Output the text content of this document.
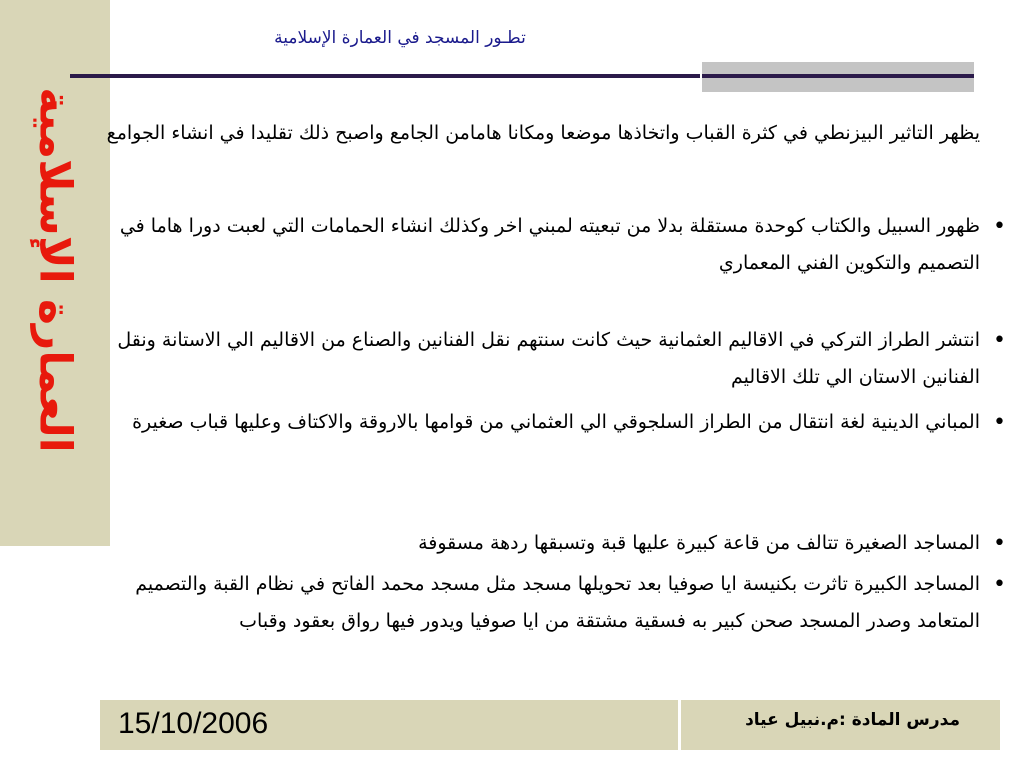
العمارة الإسلامية
تطـور المسجد في العمارة الإسلامية
• يظهر التاثير البيزنطي في كثرة القباب واتخاذها موضعا ومكانا هامامن الجامع واصبح ذلك تقليدا في انشاء الجوامع
• ظهور السبيل والكتاب كوحدة مستقلة بدلا من تبعيته لمبني اخر وكذلك انشاء الحمامات التي لعبت دورا هاما في التصميم والتكوين الفني المعماري
• انتشر الطراز التركي في الاقاليم العثمانية حيث كانت سنتهم نقل الفنانين والصناع من الاقاليم الي الاستانة ونقل الفنانين الاستان الي تلك الاقاليم
• المباني الدينية لغة انتقال من الطراز السلجوقي الي العثماني من قوامها بالاروقة والاكتاف وعليها قباب صغيرة
• المساجد الصغيرة تتالف من قاعة كبيرة عليها قبة وتسبقها ردهة مسقوفة
• المساجد الكبيرة تاثرت بكنيسة ايا صوفيا بعد تحويلها مسجد مثل مسجد محمد الفاتح في نظام القبة والتصميم المتعامد وصدر المسجد صحن كبير به فسقية مشتقة من ايا صوفيا ويدور فيها رواق بعقود وقباب
15/10/2006	مدرس المادة :م.نبيل عياد
